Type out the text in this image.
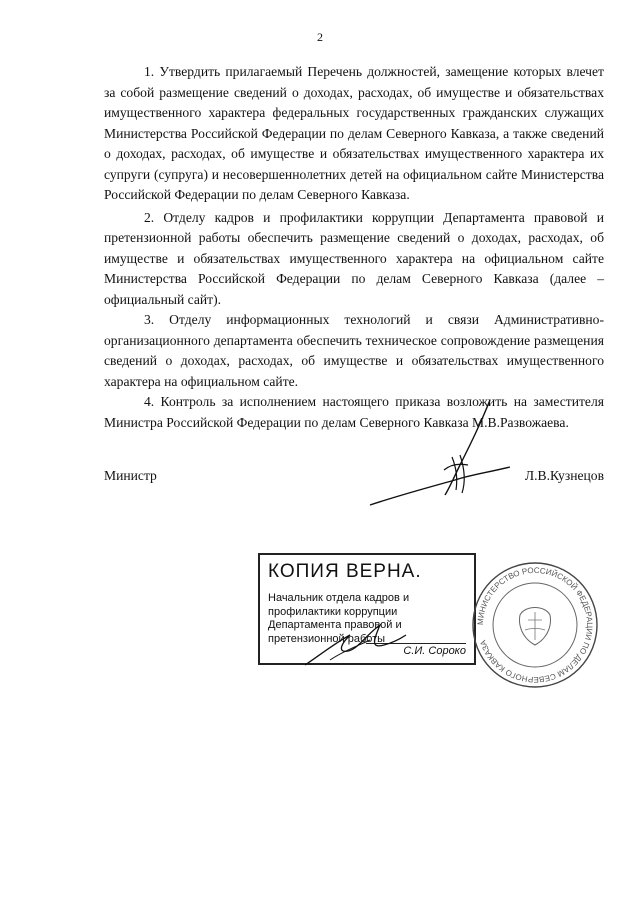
2

1. Утвердить прилагаемый Перечень должностей, замещение которых влечет за собой размещение сведений о доходах, расходах, об имуществе и обязательствах имущественного характера федеральных государственных гражданских служащих Министерства Российской Федерации по делам Северного Кавказа, а также сведений о доходах, расходах, об имуществе и обязательствах имущественного характера их супруги (супруга) и несовершеннолетних детей на официальном сайте Министерства Российской Федерации по делам Северного Кавказа.

2. Отделу кадров и профилактики коррупции Департамента правовой и претензионной работы обеспечить размещение сведений о доходах, расходах, об имуществе и обязательствах имущественного характера на официальном сайте Министерства Российской Федерации по делам Северного Кавказа (далее – официальный сайт).

3. Отделу информационных технологий и связи Административно-организационного департамента обеспечить техническое сопровождение размещения сведений о доходах, расходах, об имуществе и обязательствах имущественного характера на официальном сайте.

4. Контроль за исполнением настоящего приказа возложить на заместителя Министра Российской Федерации по делам Северного Кавказа М.В.Развожаева.

Министр	Л.В.Кузнецов
КОПИЯ ВЕРНА.
Начальник отдела кадров и
профилактики коррупции
Департамента правовой и
претензионной работы
С.И. Сороко
МИНИСТЕРСТВО РОССИЙСКОЙ ФЕДЕРАЦИИ ПО ДЕЛАМ СЕВЕРНОГО КАВКАЗА
